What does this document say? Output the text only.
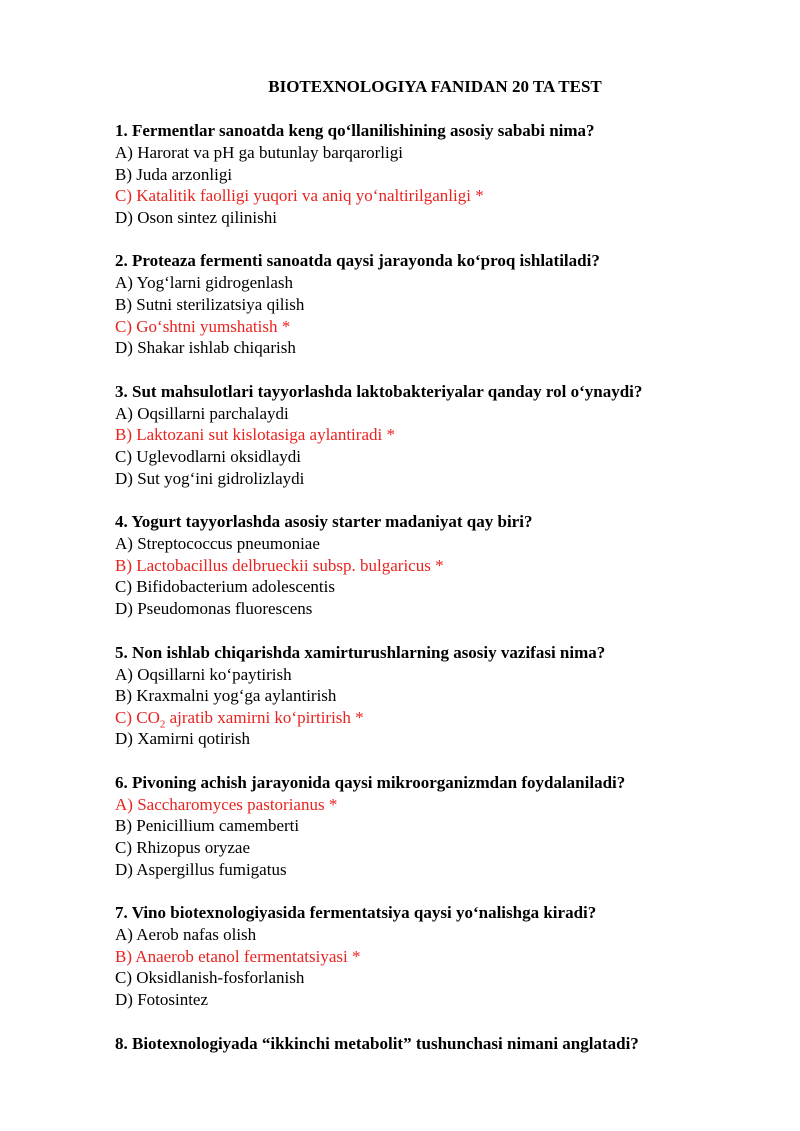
BIOTEXNOLOGIYA FANIDAN 20 TA TEST

1. Fermentlar sanoatda keng qo‘llanilishining asosiy sababi nima?

A) Harorat va pH ga butunlay barqarorligi

B) Juda arzonligi

C) Katalitik faolligi yuqori va aniq yo‘naltirilganligi *

D) Oson sintez qilinishi

2. Proteaza fermenti sanoatda qaysi jarayonda ko‘proq ishlatiladi?

A) Yog‘larni gidrogenlash

B) Sutni sterilizatsiya qilish

C) Go‘shtni yumshatish *

D) Shakar ishlab chiqarish

3. Sut mahsulotlari tayyorlashda laktobakteriyalar qanday rol o‘ynaydi?

A) Oqsillarni parchalaydi

B) Laktozani sut kislotasiga aylantiradi *

C) Uglevodlarni oksidlaydi

D) Sut yog‘ini gidrolizlaydi

4. Yogurt tayyorlashda asosiy starter madaniyat qay biri?

A) Streptococcus pneumoniae

B) Lactobacillus delbrueckii subsp. bulgaricus *

C) Bifidobacterium adolescentis

D) Pseudomonas fluorescens

5. Non ishlab chiqarishda xamirturushlarning asosiy vazifasi nima?

A) Oqsillarni ko‘paytirish

B) Kraxmalni yog‘ga aylantirish

C) $CO_2$ ajratib xamirni ko‘pirtirish *

D) Xamirni qotirish

6. Pivoning achish jarayonida qaysi mikroorganizmdan foydalaniladi?

A) Saccharomyces pastorianus *

B) Penicillium camemberti

C) Rhizopus oryzae

D) Aspergillus fumigatus

7. Vino biotexnologiyasida fermentatsiya qaysi yo‘nalishga kiradi?

A) Aerob nafas olish

B) Anaerob etanol fermentatsiyasi *

C) Oksidlanish-fosforlanish

D) Fotosintez

8. Biotexnologiyada “ikkinchi metabolit” tushunchasi nimani anglatadi?
